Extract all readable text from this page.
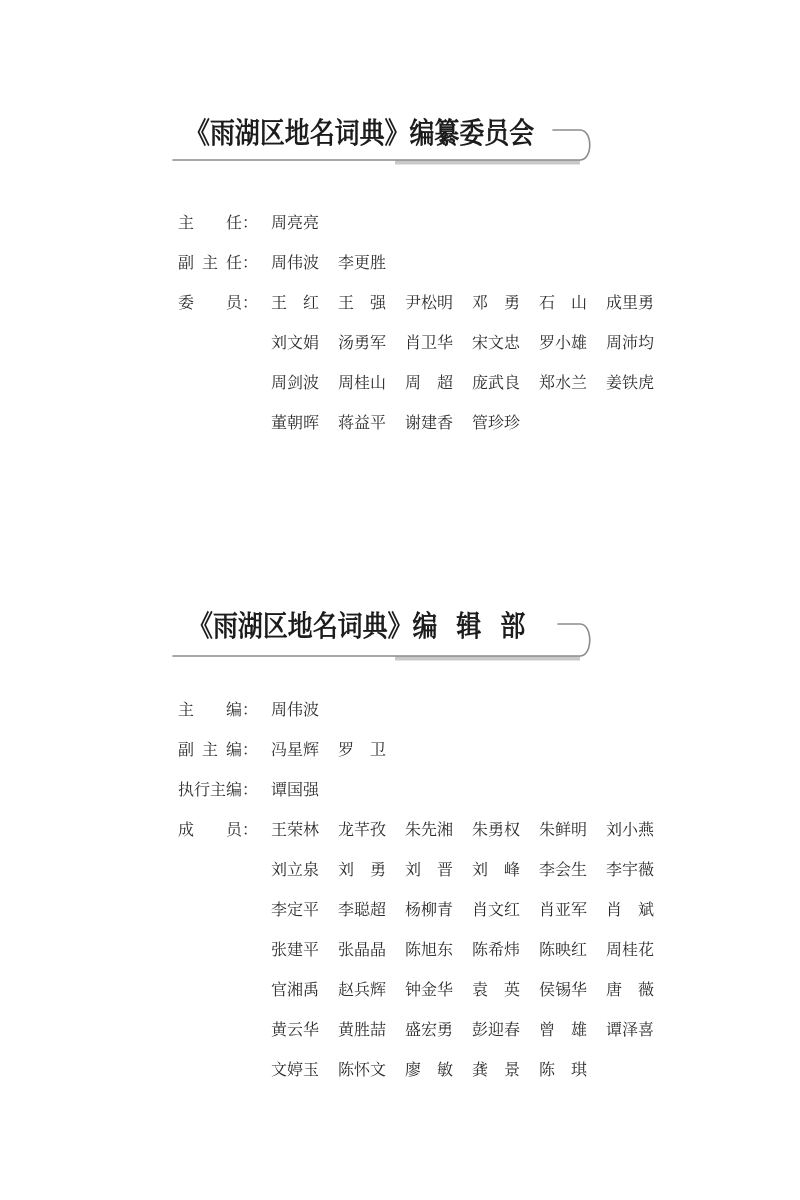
《雨湖区地名词典》编纂委员会
主 任 ： 周亮亮
副主任 ： 周伟波 李更胜
委 员 ： 王 红 王 强 尹松明 邓 勇 石 山 成里勇
刘文娟 汤勇军 肖卫华 宋文忠 罗小雄 周沛均
周剑波 周桂山 周 超 庞武良 郑水兰 姜铁虎
董朝晖 蒋益平 谢建香 管珍珍
《雨湖区地名词典》编 辑 部
主 编 ： 周伟波
副主编 ： 冯星辉 罗 卫
执行主编 ： 谭国强
成 员 ： 王荣林 龙芊孜 朱先湘 朱勇权 朱鲜明 刘小燕
刘立泉 刘 勇 刘 晋 刘 峰 李会生 李宇薇
李定平 李聪超 杨柳青 肖文红 肖亚军 肖 斌
张建平 张晶晶 陈旭东 陈希炜 陈映红 周桂花
官湘禹 赵兵辉 钟金华 袁 英 侯锡华 唐 薇
黄云华 黄胜喆 盛宏勇 彭迎春 曾 雄 谭泽喜
文婷玉 陈怀文 廖 敏 龚 景 陈 琪
